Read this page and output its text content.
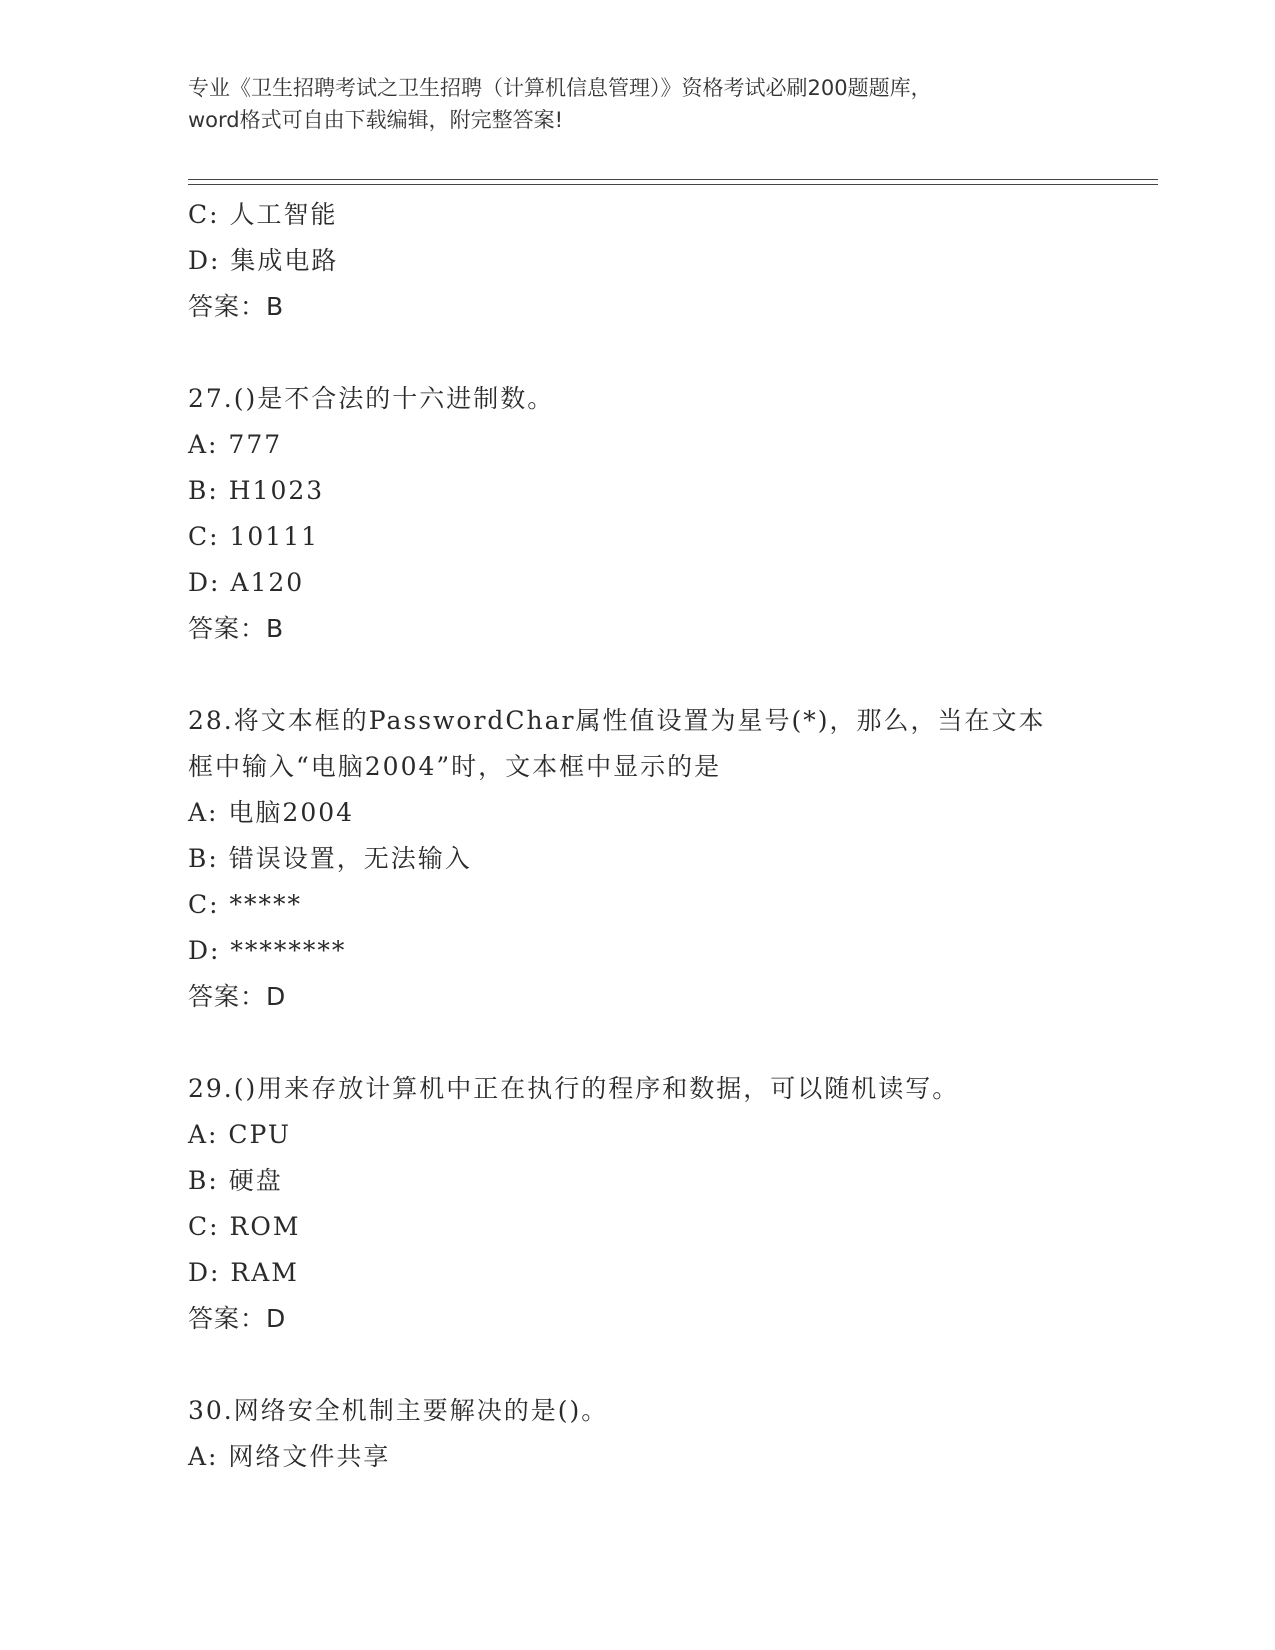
专业《卫生招聘考试之卫生招聘（计算机信息管理）》资格考试必刷200题题库，
word格式可自由下载编辑，附完整答案!
C: 人工智能
D: 集成电路
答案：B
27.()是不合法的十六进制数。
A: 777
B: H1023
C: 10111
D: A120
答案：B
28.将文本框的PasswordChar属性值设置为星号(*)，那么，当在文本
框中输入“电脑2004”时，文本框中显示的是
A: 电脑2004
B: 错误设置，无法输入
C: *****
D: ********
答案：D
29.()用来存放计算机中正在执行的程序和数据，可以随机读写。
A: CPU
B: 硬盘
C: ROM
D: RAM
答案：D
30.网络安全机制主要解决的是()。
A: 网络文件共享
